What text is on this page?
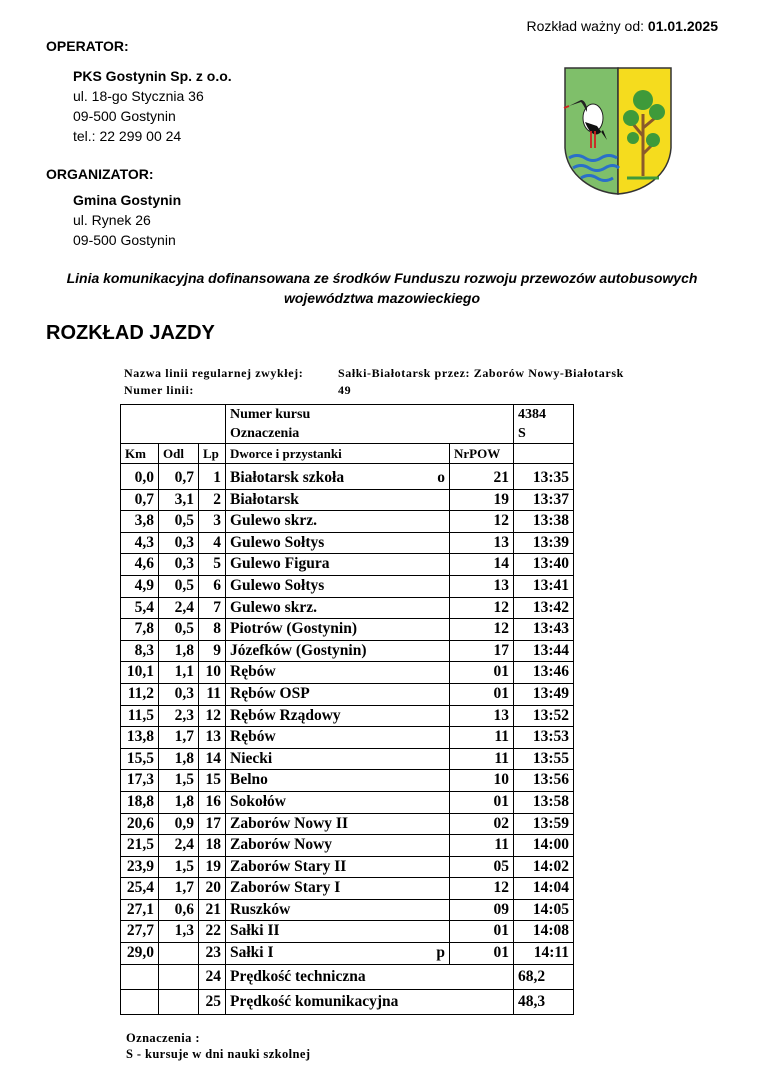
Rozkład ważny od: 01.01.2025
OPERATOR:
PKS Gostynin Sp. z o.o.
ul. 18-go Stycznia 36
09-500 Gostynin
tel.: 22 299 00 24
ORGANIZATOR:
Gmina Gostynin
ul. Rynek 26
09-500 Gostynin
Linia komunikacyjna dofinansowana ze środków Funduszu rozwoju przewozów autobusowych województwa mazowieckiego
ROZKŁAD JAZDY
Nazwa linii regularnej zwykłej:	Sałki-Białotarsk przez: Zaborów Nowy-Białotarsk
Numer linii:	49
			Numer kursu		4384
			Oznaczenia		S
Km	Odl	Lp	Dworce i przystanki	NrPOW	
0,0	0,7	1	Białotarsk szkoła o	21	13:35
0,7	3,1	2	Białotarsk	19	13:37
3,8	0,5	3	Gulewo skrz.	12	13:38
4,3	0,3	4	Gulewo Sołtys	13	13:39
4,6	0,3	5	Gulewo Figura	14	13:40
4,9	0,5	6	Gulewo Sołtys	13	13:41
5,4	2,4	7	Gulewo skrz.	12	13:42
7,8	0,5	8	Piotrów (Gostynin)	12	13:43
8,3	1,8	9	Józefków (Gostynin)	17	13:44
10,1	1,1	10	Rębów	01	13:46
11,2	0,3	11	Rębów OSP	01	13:49
11,5	2,3	12	Rębów Rządowy	13	13:52
13,8	1,7	13	Rębów	11	13:53
15,5	1,8	14	Niecki	11	13:55
17,3	1,5	15	Belno	10	13:56
18,8	1,8	16	Sokołów	01	13:58
20,6	0,9	17	Zaborów Nowy II	02	13:59
21,5	2,4	18	Zaborów Nowy	11	14:00
23,9	1,5	19	Zaborów Stary II	05	14:02
25,4	1,7	20	Zaborów Stary I	12	14:04
27,1	0,6	21	Ruszków	09	14:05
27,7	1,3	22	Sałki II	01	14:08
29,0		23	Sałki I p	01	14:11
		24	Prędkość techniczna		68,2
		25	Prędkość komunikacyjna		48,3
Oznaczenia :
S - kursuje w dni nauki szkolnej
